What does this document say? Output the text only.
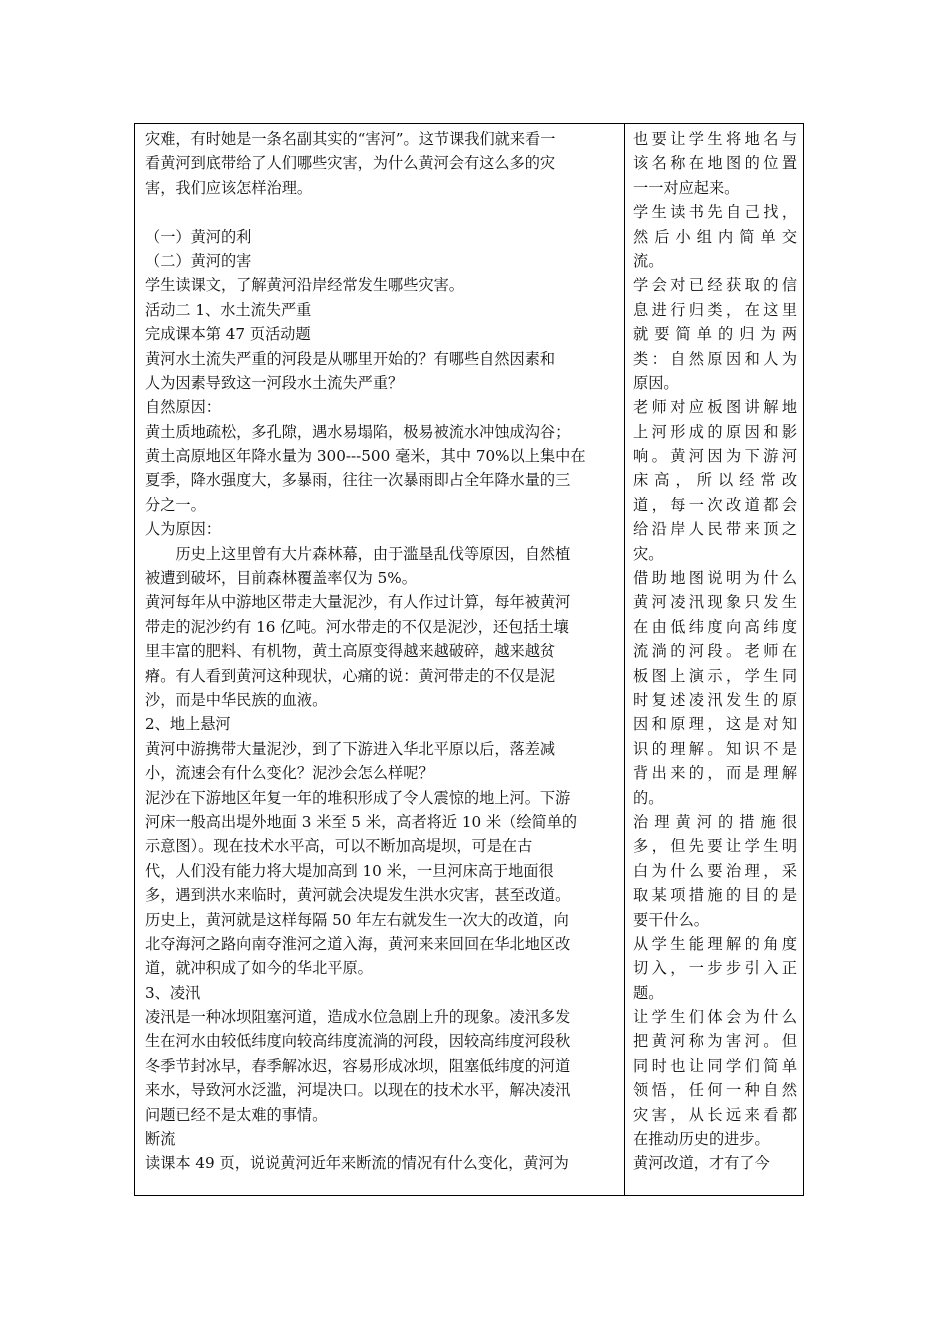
灾难，有时她是一条名副其实的“害河”。这节课我们就来看一
看黄河到底带给了人们哪些灾害，为什么黄河会有这么多的灾
害，我们应该怎样治理。
（一）黄河的利
（二）黄河的害
学生读课文，了解黄河沿岸经常发生哪些灾害。
活动二 1、水土流失严重
完成课本第 47 页活动题
黄河水土流失严重的河段是从哪里开始的？有哪些自然因素和
人为因素导致这一河段水土流失严重？
自然原因：
黄土质地疏松，多孔隙，遇水易塌陷，极易被流水冲蚀成沟谷；
黄土高原地区年降水量为 300---500 毫米，其中 70%以上集中在
夏季，降水强度大，多暴雨，往往一次暴雨即占全年降水量的三
分之一。
人为原因：
　　历史上这里曾有大片森林幕，由于滥垦乱伐等原因，自然植
被遭到破坏，目前森林覆盖率仅为 5%。
黄河每年从中游地区带走大量泥沙，有人作过计算，每年被黄河
带走的泥沙约有 16 亿吨。河水带走的不仅是泥沙，还包括土壤
里丰富的肥料、有机物，黄土高原变得越来越破碎，越来越贫
瘠。有人看到黄河这种现状，心痛的说：黄河带走的不仅是泥
沙，而是中华民族的血液。
2、地上悬河
黄河中游携带大量泥沙，到了下游进入华北平原以后，落差减
小，流速会有什么变化？泥沙会怎么样呢？
泥沙在下游地区年复一年的堆积形成了令人震惊的地上河。下游
河床一般高出堤外地面 3 米至 5 米，高者将近 10 米（绘简单的
示意图）。现在技术水平高，可以不断加高堤坝，可是在古
代，人们没有能力将大堤加高到 10 米，一旦河床高于地面很
多，遇到洪水来临时，黄河就会决堤发生洪水灾害，甚至改道。
历史上，黄河就是这样每隔 50 年左右就发生一次大的改道，向
北夺海河之路向南夺淮河之道入海，黄河来来回回在华北地区改
道，就冲积成了如今的华北平原。
3、凌汛
凌汛是一种冰坝阻塞河道，造成水位急剧上升的现象。凌汛多发
生在河水由较低纬度向较高纬度流淌的河段，因较高纬度河段秋
冬季节封冰早，春季解冰迟，容易形成冰坝，阻塞低纬度的河道
来水，导致河水泛滥，河堤决口。以现在的技术水平，解决凌汛
问题已经不是太难的事情。
断流
读课本 49 页，说说黄河近年来断流的情况有什么变化，黄河为
也要让学生将地名与
该名称在地图的位置
一一对应起来。
学生读书先自己找，
然后小组内简单交
流。
学会对已经获取的信
息进行归类，在这里
就要简单的归为两
类：自然原因和人为
原因。
老师对应板图讲解地
上河形成的原因和影
响。黄河因为下游河
床高，所以经常改
道，每一次改道都会
给沿岸人民带来顶之
灾。
借助地图说明为什么
黄河凌汛现象只发生
在由低纬度向高纬度
流淌的河段。老师在
板图上演示，学生同
时复述凌汛发生的原
因和原理，这是对知
识的理解。知识不是
背出来的，而是理解
的。
治理黄河的措施很
多，但先要让学生明
白为什么要治理，采
取某项措施的目的是
要干什么。
从学生能理解的角度
切入，一步步引入正
题。
让学生们体会为什么
把黄河称为害河。但
同时也让同学们简单
领悟，任何一种自然
灾害，从长远来看都
在推动历史的进步。
黄河改道，才有了今
